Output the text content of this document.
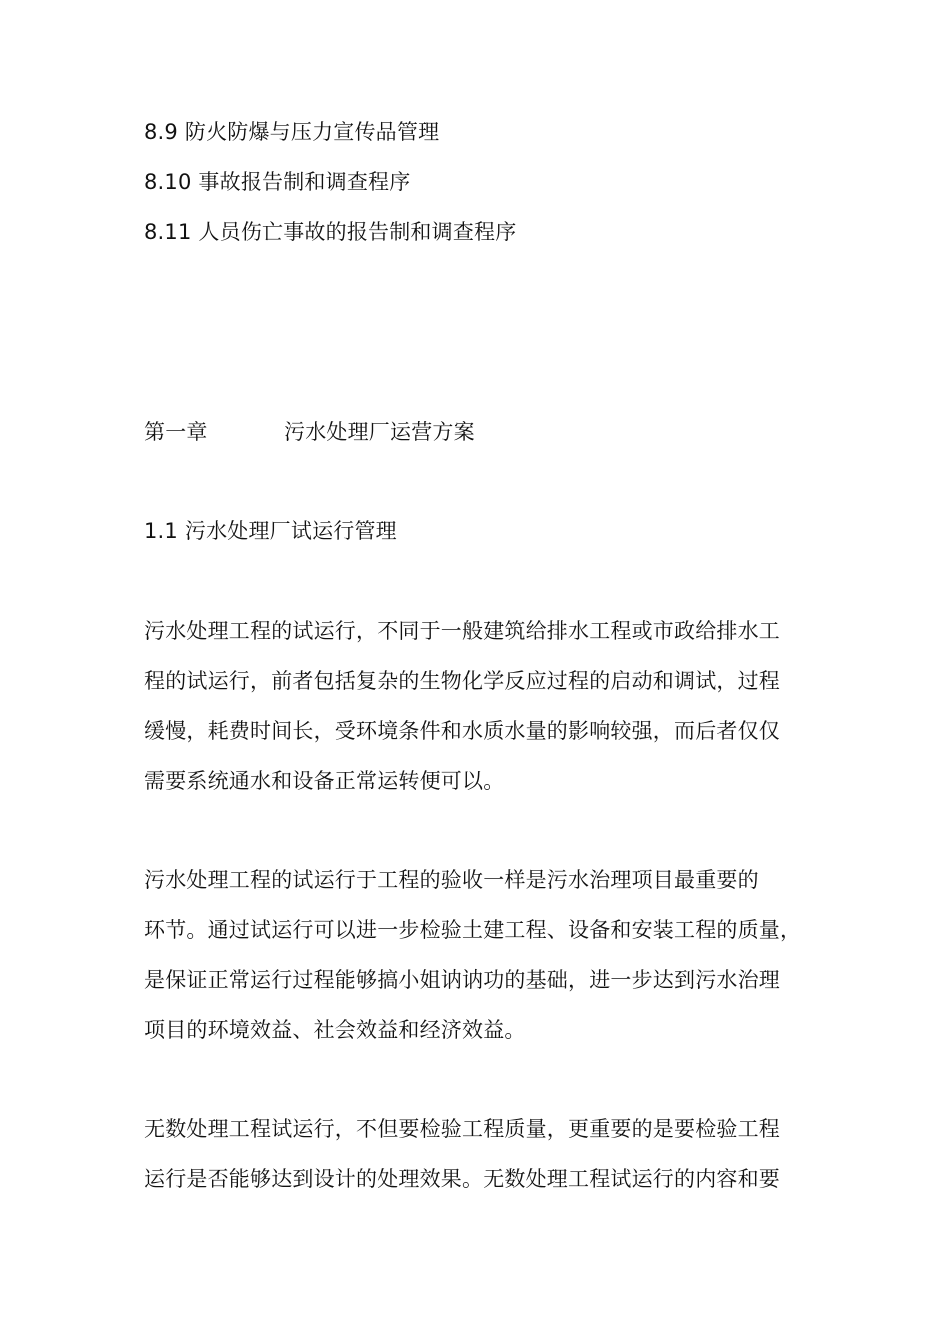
8.9 防火防爆与压力宣传品管理
8.10 事故报告制和调查程序
8.11 人员伤亡事故的报告制和调查程序
第一章	污水处理厂运营方案
1.1 污水处理厂试运行管理
污水处理工程的试运行，不同于一般建筑给排水工程或市政给排水工
程的试运行，前者包括复杂的生物化学反应过程的启动和调试，过程
缓慢，耗费时间长，受环境条件和水质水量的影响较强，而后者仅仅
需要系统通水和设备正常运转便可以。
污水处理工程的试运行于工程的验收一样是污水治理项目最重要的
环节。通过试运行可以进一步检验土建工程、设备和安装工程的质量，
是保证正常运行过程能够搞小姐讷讷功的基础，进一步达到污水治理
项目的环境效益、社会效益和经济效益。
无数处理工程试运行，不但要检验工程质量，更重要的是要检验工程
运行是否能够达到设计的处理效果。无数处理工程试运行的内容和要
